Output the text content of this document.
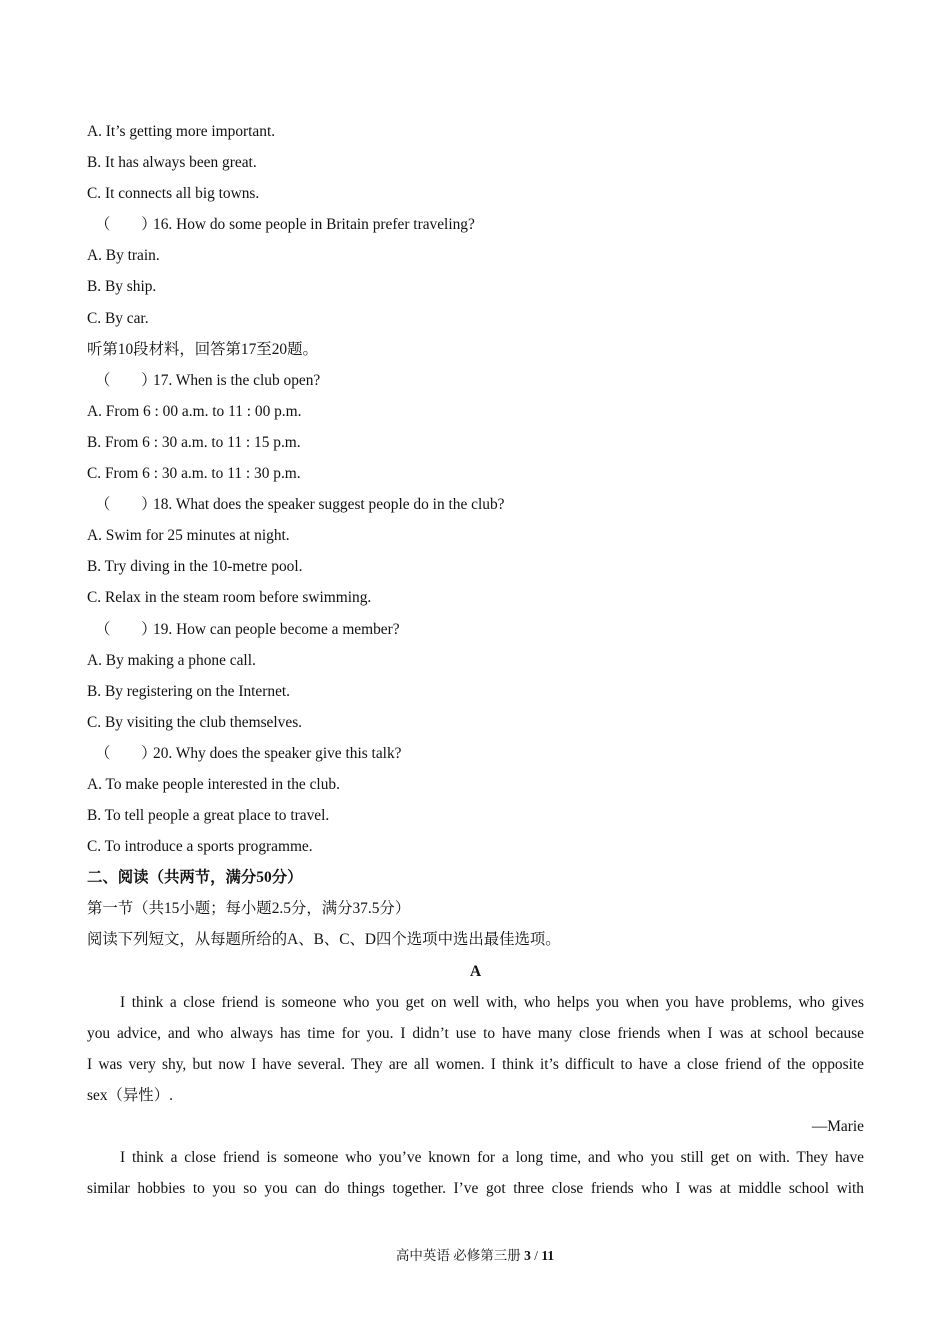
A. It’s getting more important.
B. It has always been great.
C. It connects all big towns.
（　　）16. How do some people in Britain prefer traveling?
A. By train.
B. By ship.
C. By car.
听第10段材料，回答第17至20题。
（　　）17. When is the club open?
A. From 6 : 00 a.m. to 11 : 00 p.m.
B. From 6 : 30 a.m. to 11 : 15 p.m.
C. From 6 : 30 a.m. to 11 : 30 p.m.
（　　）18. What does the speaker suggest people do in the club?
A. Swim for 25 minutes at night.
B. Try diving in the 10-metre pool.
C. Relax in the steam room before swimming.
（　　）19. How can people become a member?
A. By making a phone call.
B. By registering on the Internet.
C. By visiting the club themselves.
（　　）20. Why does the speaker give this talk?
A. To make people interested in the club.
B. To tell people a great place to travel.
C. To introduce a sports programme.
二、阅读（共两节，满分50分）
第一节（共15小题；每小题2.5分，满分37.5分）
阅读下列短文，从每题所给的A、B、C、D四个选项中选出最佳选项。
A
I think a close friend is someone who you get on well with, who helps you when you have problems, who gives
you advice, and who always has time for you. I didn’t use to have many close friends when I was at school because
I was very shy, but now I have several. They are all women. I think it’s difficult to have a close friend of the opposite
sex（异性）.
—Marie
I think a close friend is someone who you’ve known for a long time, and who you still get on with. They have
similar hobbies to you so you can do things together. I’ve got three close friends who I was at middle school with
高中英语 必修第三册 3 / 11
